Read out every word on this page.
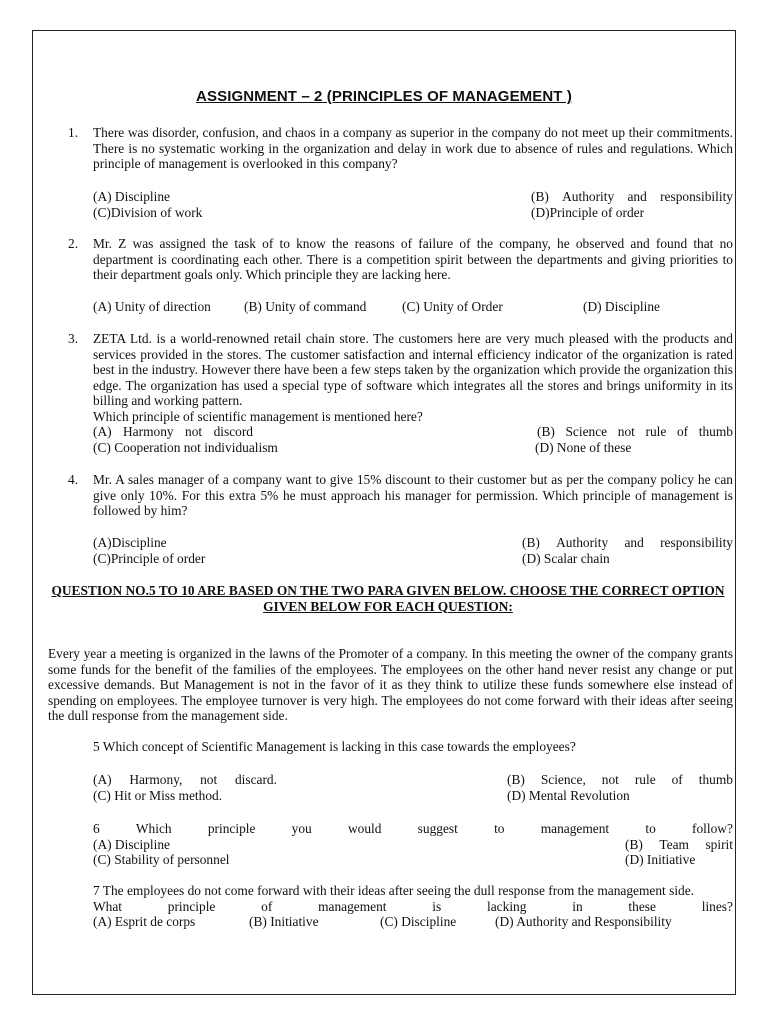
ASSIGNMENT – 2 (PRINCIPLES OF MANAGEMENT )
1. There was disorder, confusion, and chaos in a company as superior in the company do not meet up their commitments. There is no systematic working in the organization and delay in work due to absence of rules and regulations. Which principle of management is overlooked in this company?
(A) Discipline	(B) Authority and responsibility
(C)Division of work	(D)Principle of order
2. Mr. Z was assigned the task of to know the reasons of failure of the company, he observed and found that no department is coordinating each other. There is a competition spirit between the departments and giving priorities to their department goals only. Which principle they are lacking here.
(A) Unity of direction (B) Unity of command	(C) Unity of Order	(D) Discipline
3. ZETA Ltd. is a world-renowned retail chain store. The customers here are very much pleased with the products and services provided in the stores. The customer satisfaction and internal efficiency indicator of the organization is rated best in the industry. However there have been a few steps taken by the organization which provide the organization this edge. The organization has used a special type of software which integrates all the stores and brings uniformity in its billing and working pattern.
Which principle of scientific management is mentioned here?
(A) Harmony not discord	(B) Science not rule of thumb
(C) Cooperation not individualism	(D) None of these
4. Mr. A sales manager of a company want to give 15% discount to their customer but as per the company policy he can give only 10%. For this extra 5% he must approach his manager for permission. Which principle of management is followed by him?
(A)Discipline	(B) Authority and responsibility
(C)Principle of order	(D) Scalar chain
QUESTION NO.5 TO 10 ARE BASED ON THE TWO PARA GIVEN BELOW. CHOOSE THE CORRECT OPTION GIVEN BELOW FOR EACH QUESTION:
Every year a meeting is organized in the lawns of the Promoter of a company. In this meeting the owner of the company grants some funds for the benefit of the families of the employees. The employees on the other hand never resist any change or put excessive demands. But Management is not in the favor of it as they think to utilize these funds somewhere else instead of spending on employees. The employee turnover is very high. The employees do not come forward with their ideas after seeing the dull response from the management side.
5 Which concept of Scientific Management is lacking in this case towards the employees?
(A) Harmony, not discard.	(B) Science, not rule of thumb
(C) Hit or Miss method.	(D) Mental Revolution
6	Which	principle	you	would	suggest	to	management	to	follow?
(A) Discipline	(B) Team spirit
(C) Stability of personnel	(D) Initiative
7 The employees do not come forward with their ideas after seeing the dull response from the management side.
What	principle	of	management	is	lacking	in	these	lines?
(A) Esprit de corps	(B) Initiative	(C) Discipline	(D) Authority and Responsibility
